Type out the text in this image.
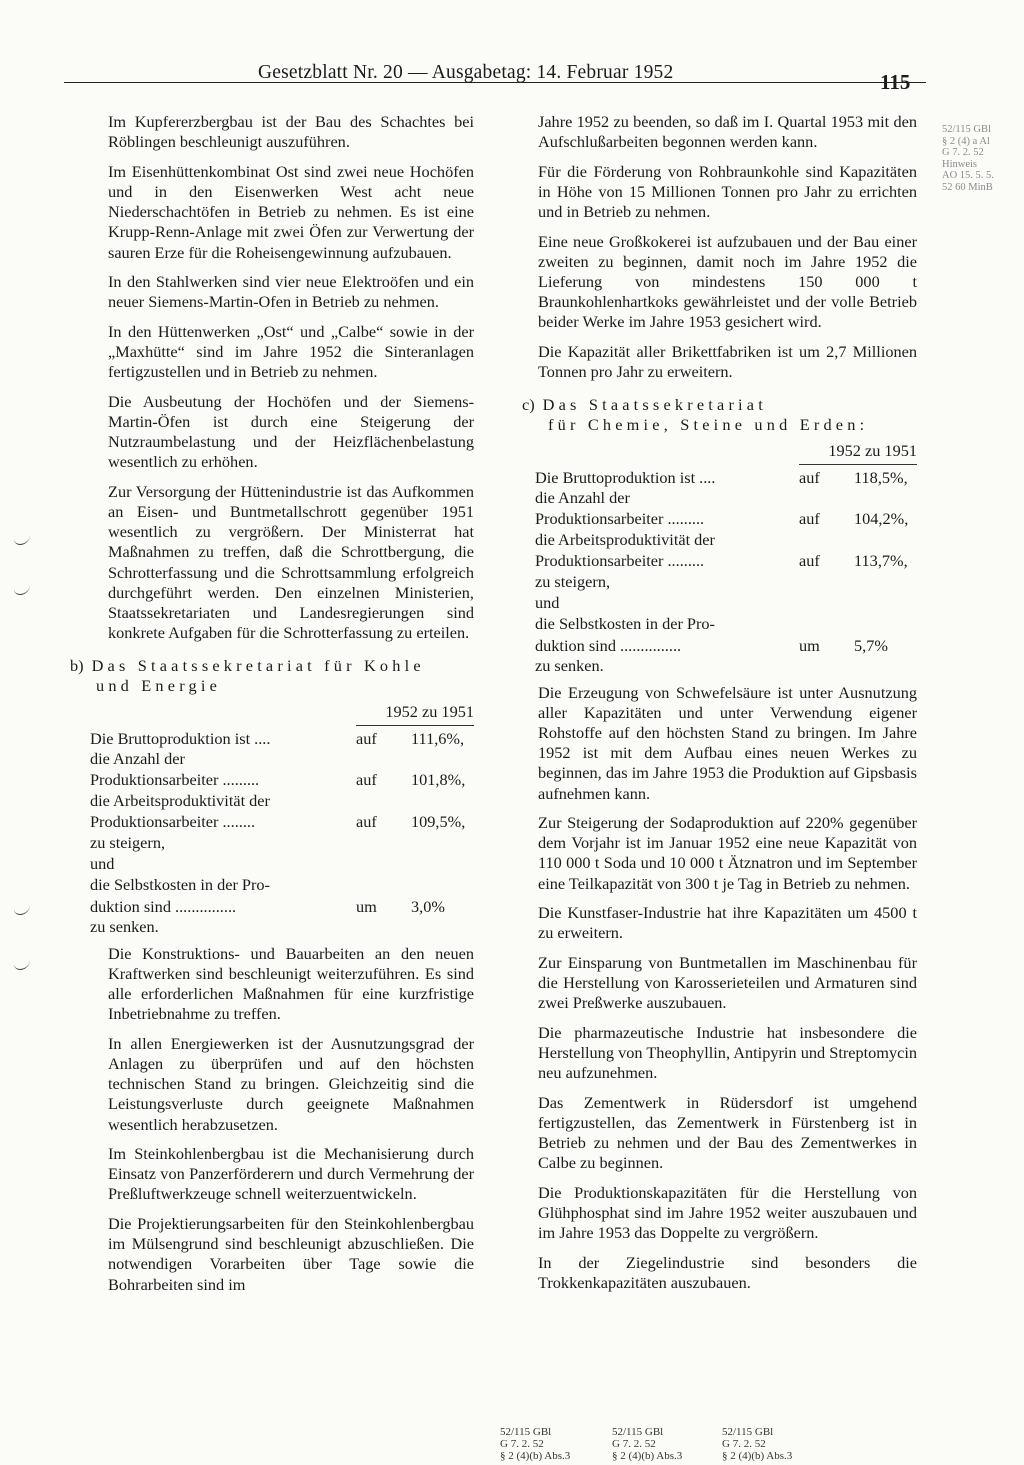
Gesetzblatt Nr. 20 — Ausgabetag: 14. Februar 1952	115
52/115 GBl
§ 2 (4) a Al
G 7. 2. 52
Hinweis
AO 15. 5. 5.
52 60 MinB

Im Kupfererzbergbau ist der Bau des Schachtes bei Röblingen beschleunigt auszuführen.

Im Eisenhüttenkombinat Ost sind zwei neue Hochöfen und in den Eisenwerken West acht neue Niederschachtöfen in Betrieb zu nehmen. Es ist eine Krupp-Renn-Anlage mit zwei Öfen zur Verwertung der sauren Erze für die Roheisengewinnung aufzubauen.

In den Stahlwerken sind vier neue Elektroöfen und ein neuer Siemens-Martin-Ofen in Betrieb zu nehmen.

In den Hüttenwerken „Ost“ und „Calbe“ sowie in der „Maxhütte“ sind im Jahre 1952 die Sinteranlagen fertigzustellen und in Betrieb zu nehmen.

Die Ausbeutung der Hochöfen und der Siemens-Martin-Öfen ist durch eine Steigerung der Nutzraumbelastung und der Heizflächenbelastung wesentlich zu erhöhen.

Zur Versorgung der Hüttenindustrie ist das Aufkommen an Eisen- und Buntmetallschrott gegenüber 1951 wesentlich zu vergrößern. Der Ministerrat hat Maßnahmen zu treffen, daß die Schrottbergung, die Schrotterfassung und die Schrottsammlung erfolgreich durchgeführt werden. Den einzelnen Ministerien, Staatssekretariaten und Landesregierungen sind konkrete Aufgaben für die Schrotterfassung zu erteilen.

b) Das Staatssekretariat für Kohle
und Energie
1952 zu 1951
Die Bruttoproduktion ist ....	auf 111,6%,
die Anzahl der
Produktionsarbeiter .........	auf 101,8%,
die Arbeitsproduktivität der
Produktionsarbeiter ........	auf 109,5%,
zu steigern,
und
die Selbstkosten in der Pro-
duktion sind ...............	um 3,0%
zu senken.

Die Konstruktions- und Bauarbeiten an den neuen Kraftwerken sind beschleunigt weiterzuführen. Es sind alle erforderlichen Maßnahmen für eine kurzfristige Inbetriebnahme zu treffen.

In allen Energiewerken ist der Ausnutzungsgrad der Anlagen zu überprüfen und auf den höchsten technischen Stand zu bringen. Gleichzeitig sind die Leistungsverluste durch geeignete Maßnahmen wesentlich herabzusetzen.

Im Steinkohlenbergbau ist die Mechanisierung durch Einsatz von Panzerförderern und durch Vermehrung der Preßluftwerkzeuge schnell weiterzuentwickeln.

Die Projektierungsarbeiten für den Steinkohlenbergbau im Mülsengrund sind beschleunigt abzuschließen. Die notwendigen Vorarbeiten über Tage sowie die Bohrarbeiten sind im

Jahre 1952 zu beenden, so daß im I. Quartal 1953 mit den Aufschlußarbeiten begonnen werden kann.

Für die Förderung von Rohbraunkohle sind Kapazitäten in Höhe von 15 Millionen Tonnen pro Jahr zu errichten und in Betrieb zu nehmen.

Eine neue Großkokerei ist aufzubauen und der Bau einer zweiten zu beginnen, damit noch im Jahre 1952 die Lieferung von mindestens 150 000 t Braunkohlenhartkoks gewährleistet und der volle Betrieb beider Werke im Jahre 1953 gesichert wird.

Die Kapazität aller Brikettfabriken ist um 2,7 Millionen Tonnen pro Jahr zu erweitern.

c) Das Staatssekretariat
für Chemie, Steine und Erden:
1952 zu 1951
Die Bruttoproduktion ist ....	auf 118,5%,
die Anzahl der
Produktionsarbeiter .........	auf 104,2%,
die Arbeitsproduktivität der
Produktionsarbeiter .........	auf 113,7%,
zu steigern,
und
die Selbstkosten in der Pro-
duktion sind ...............	um 5,7%
zu senken.

Die Erzeugung von Schwefelsäure ist unter Ausnutzung aller Kapazitäten und unter Verwendung eigener Rohstoffe auf den höchsten Stand zu bringen. Im Jahre 1952 ist mit dem Aufbau eines neuen Werkes zu beginnen, das im Jahre 1953 die Produktion auf Gipsbasis aufnehmen kann.

Zur Steigerung der Sodaproduktion auf 220% gegenüber dem Vorjahr ist im Januar 1952 eine neue Kapazität von 110 000 t Soda und 10 000 t Ätznatron und im September eine Teilkapazität von 300 t je Tag in Betrieb zu nehmen.

Die Kunstfaser-Industrie hat ihre Kapazitäten um 4500 t zu erweitern.

Zur Einsparung von Buntmetallen im Maschinenbau für die Herstellung von Karosserieteilen und Armaturen sind zwei Preßwerke auszubauen.

Die pharmazeutische Industrie hat insbesondere die Herstellung von Theophyllin, Antipyrin und Streptomycin neu aufzunehmen.

Das Zementwerk in Rüdersdorf ist umgehend fertigzustellen, das Zementwerk in Fürstenberg ist in Betrieb zu nehmen und der Bau des Zementwerkes in Calbe zu beginnen.

Die Produktionskapazitäten für die Herstellung von Glühphosphat sind im Jahre 1952 weiter auszubauen und im Jahre 1953 das Doppelte zu vergrößern.

In der Ziegelindustrie sind besonders die Trokkenkapazitäten auszubauen.

52/115 GBl
G 7. 2. 52
§ 2 (4)(b) Abs.3
52/115 GBl
G 7. 2. 52
§ 2 (4)(b) Abs.3
52/115 GBl
G 7. 2. 52
§ 2 (4)(b) Abs.3
